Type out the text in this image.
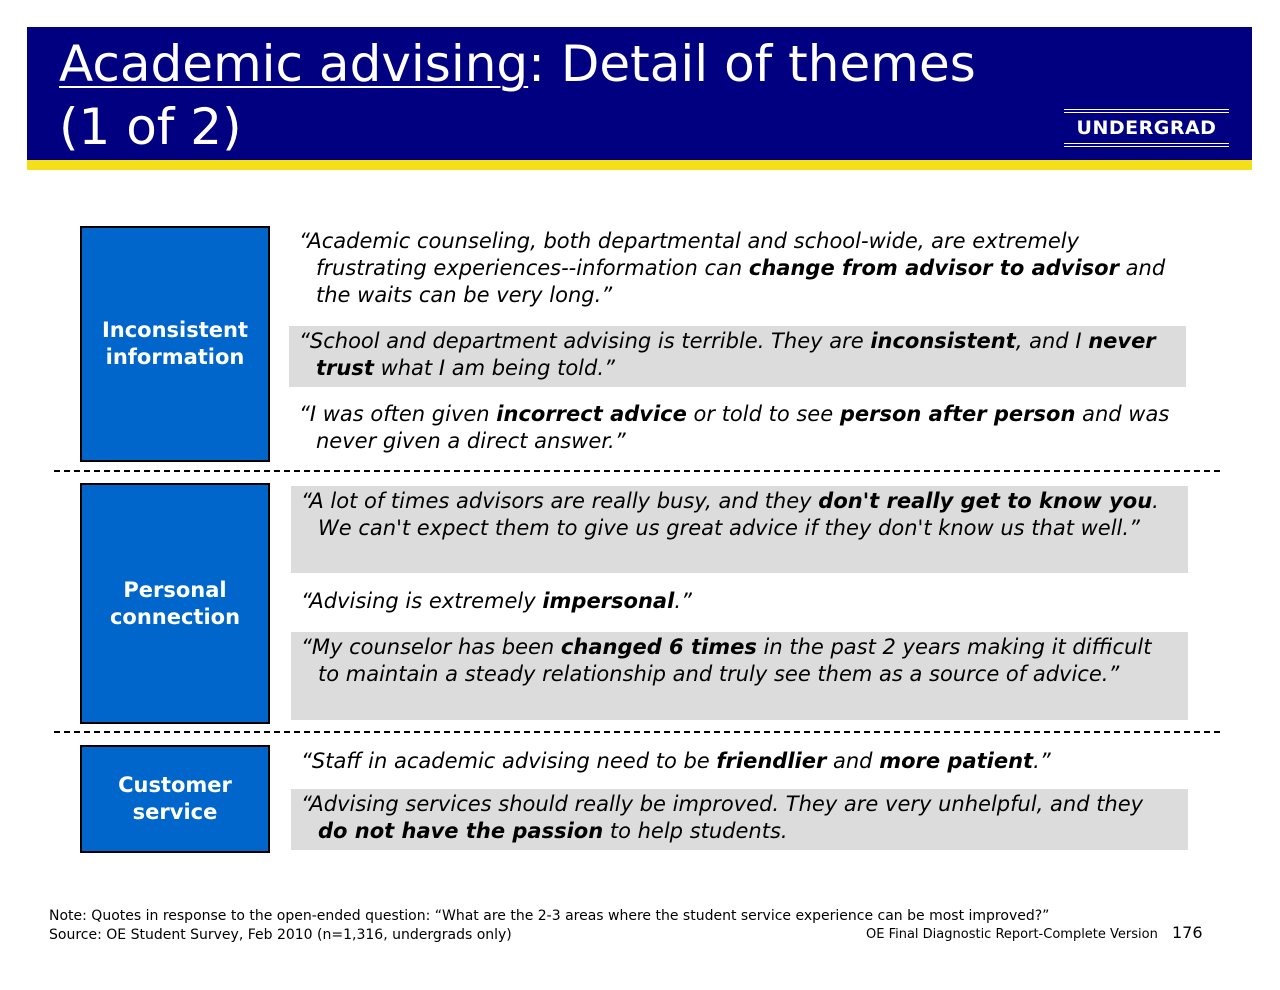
Academic advising: Detail of themes
(1 of 2)	UNDERGRAD
Inconsistent information
Personal connection
Customer service
“Academic counseling, both departmental and school-wide, are extremely frustrating experiences--information can change from advisor to advisor and the waits can be very long.”
“School and department advising is terrible. They are inconsistent, and I never trust what I am being told.”
“I was often given incorrect advice or told to see person after person and was never given a direct answer.”
“A lot of times advisors are really busy, and they don't really get to know you. We can't expect them to give us great advice if they don't know us that well.”
“Advising is extremely impersonal.”
“My counselor has been changed 6 times in the past 2 years making it difficult to maintain a steady relationship and truly see them as a source of advice.”
“Staff in academic advising need to be friendlier and more patient.”
“Advising services should really be improved. They are very unhelpful, and they do not have the passion to help students.
Note: Quotes in response to the open-ended question: “What are the 2-3 areas where the student service experience can be most improved?”
Source: OE Student Survey, Feb 2010 (n=1,316, undergrads only)	OE Final Diagnostic Report-Complete Version 176
